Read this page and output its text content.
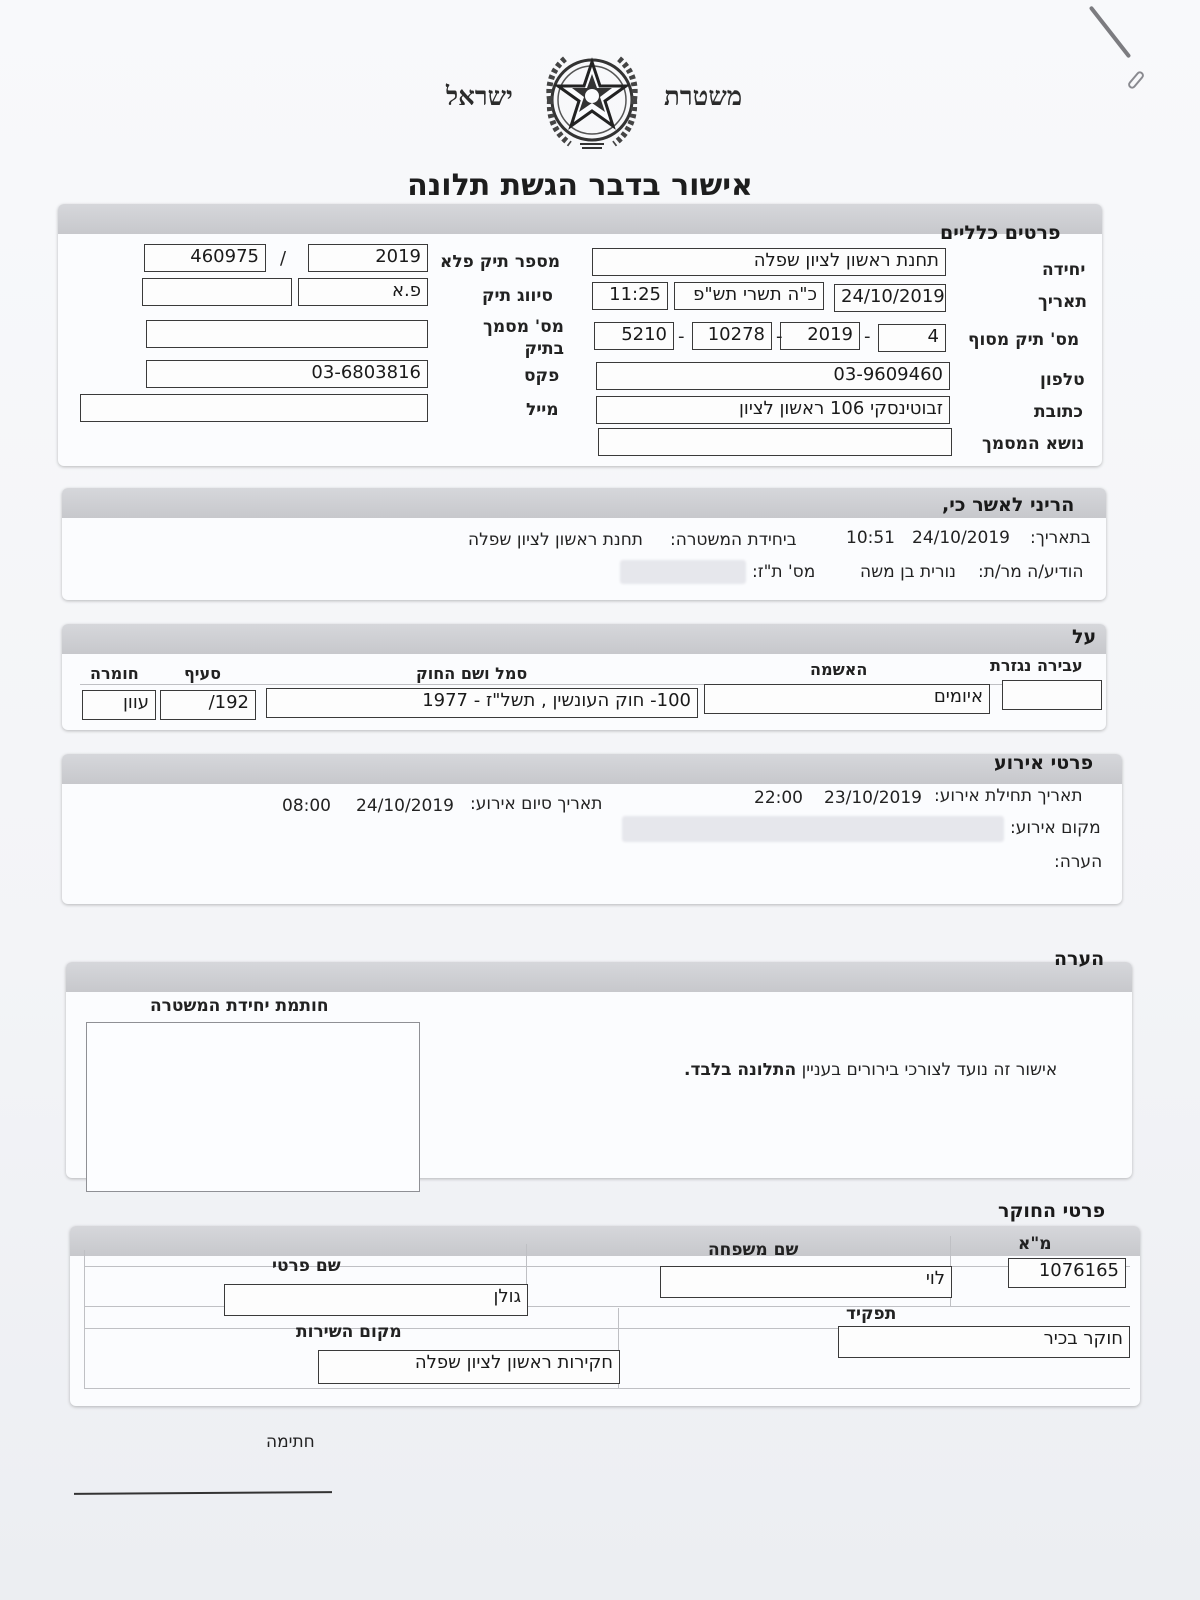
ישראל	משטרת
אישור בדבר הגשת תלונה
פרטים כלליים
יחידה
תאריך
מס' תיק מסוף
טלפון
כתובת
נושא המסמך
תחנת ראשון לציון שפלה
24/10/2019
כ"ה תשרי תש"פ
11:25
4
-
2019
-
10278
-
5210
03-9609460
זבוטינסקי 106 ראשון לציון
מספר תיק פלא
סיווג תיק
מס' מסמך בתיק
פקס
מייל
2019
/
460975
פ.א
03-6803816
הריני לאשר כי,
בתאריך:
24/10/2019
10:51
ביחידת המשטרה:
תחנת ראשון לציון שפלה
הודיע/ה מר/ת:
נורית בן משה
מס' ת"ז:
על
עבירה נגזרת
האשמה
סמל ושם החוק
סעיף
חומרה
איומים
100- חוק העונשין , תשל"ז - 1977
/192
עוון
פרטי אירוע
תאריך תחילת אירוע:
23/10/2019
22:00
תאריך סיום אירוע:
24/10/2019
08:00
מקום אירוע:
הערה:
הערה
חותמת יחידת המשטרה
אישור זה נועד לצורכי בירורים בעניין התלונה בלבד.
פרטי החוקר
מ"א
שם משפחה
שם פרטי
תפקיד
מקום השירות
1076165
לוי
גולן
חוקר בכיר
חקירות ראשון לציון שפלה
חתימה
